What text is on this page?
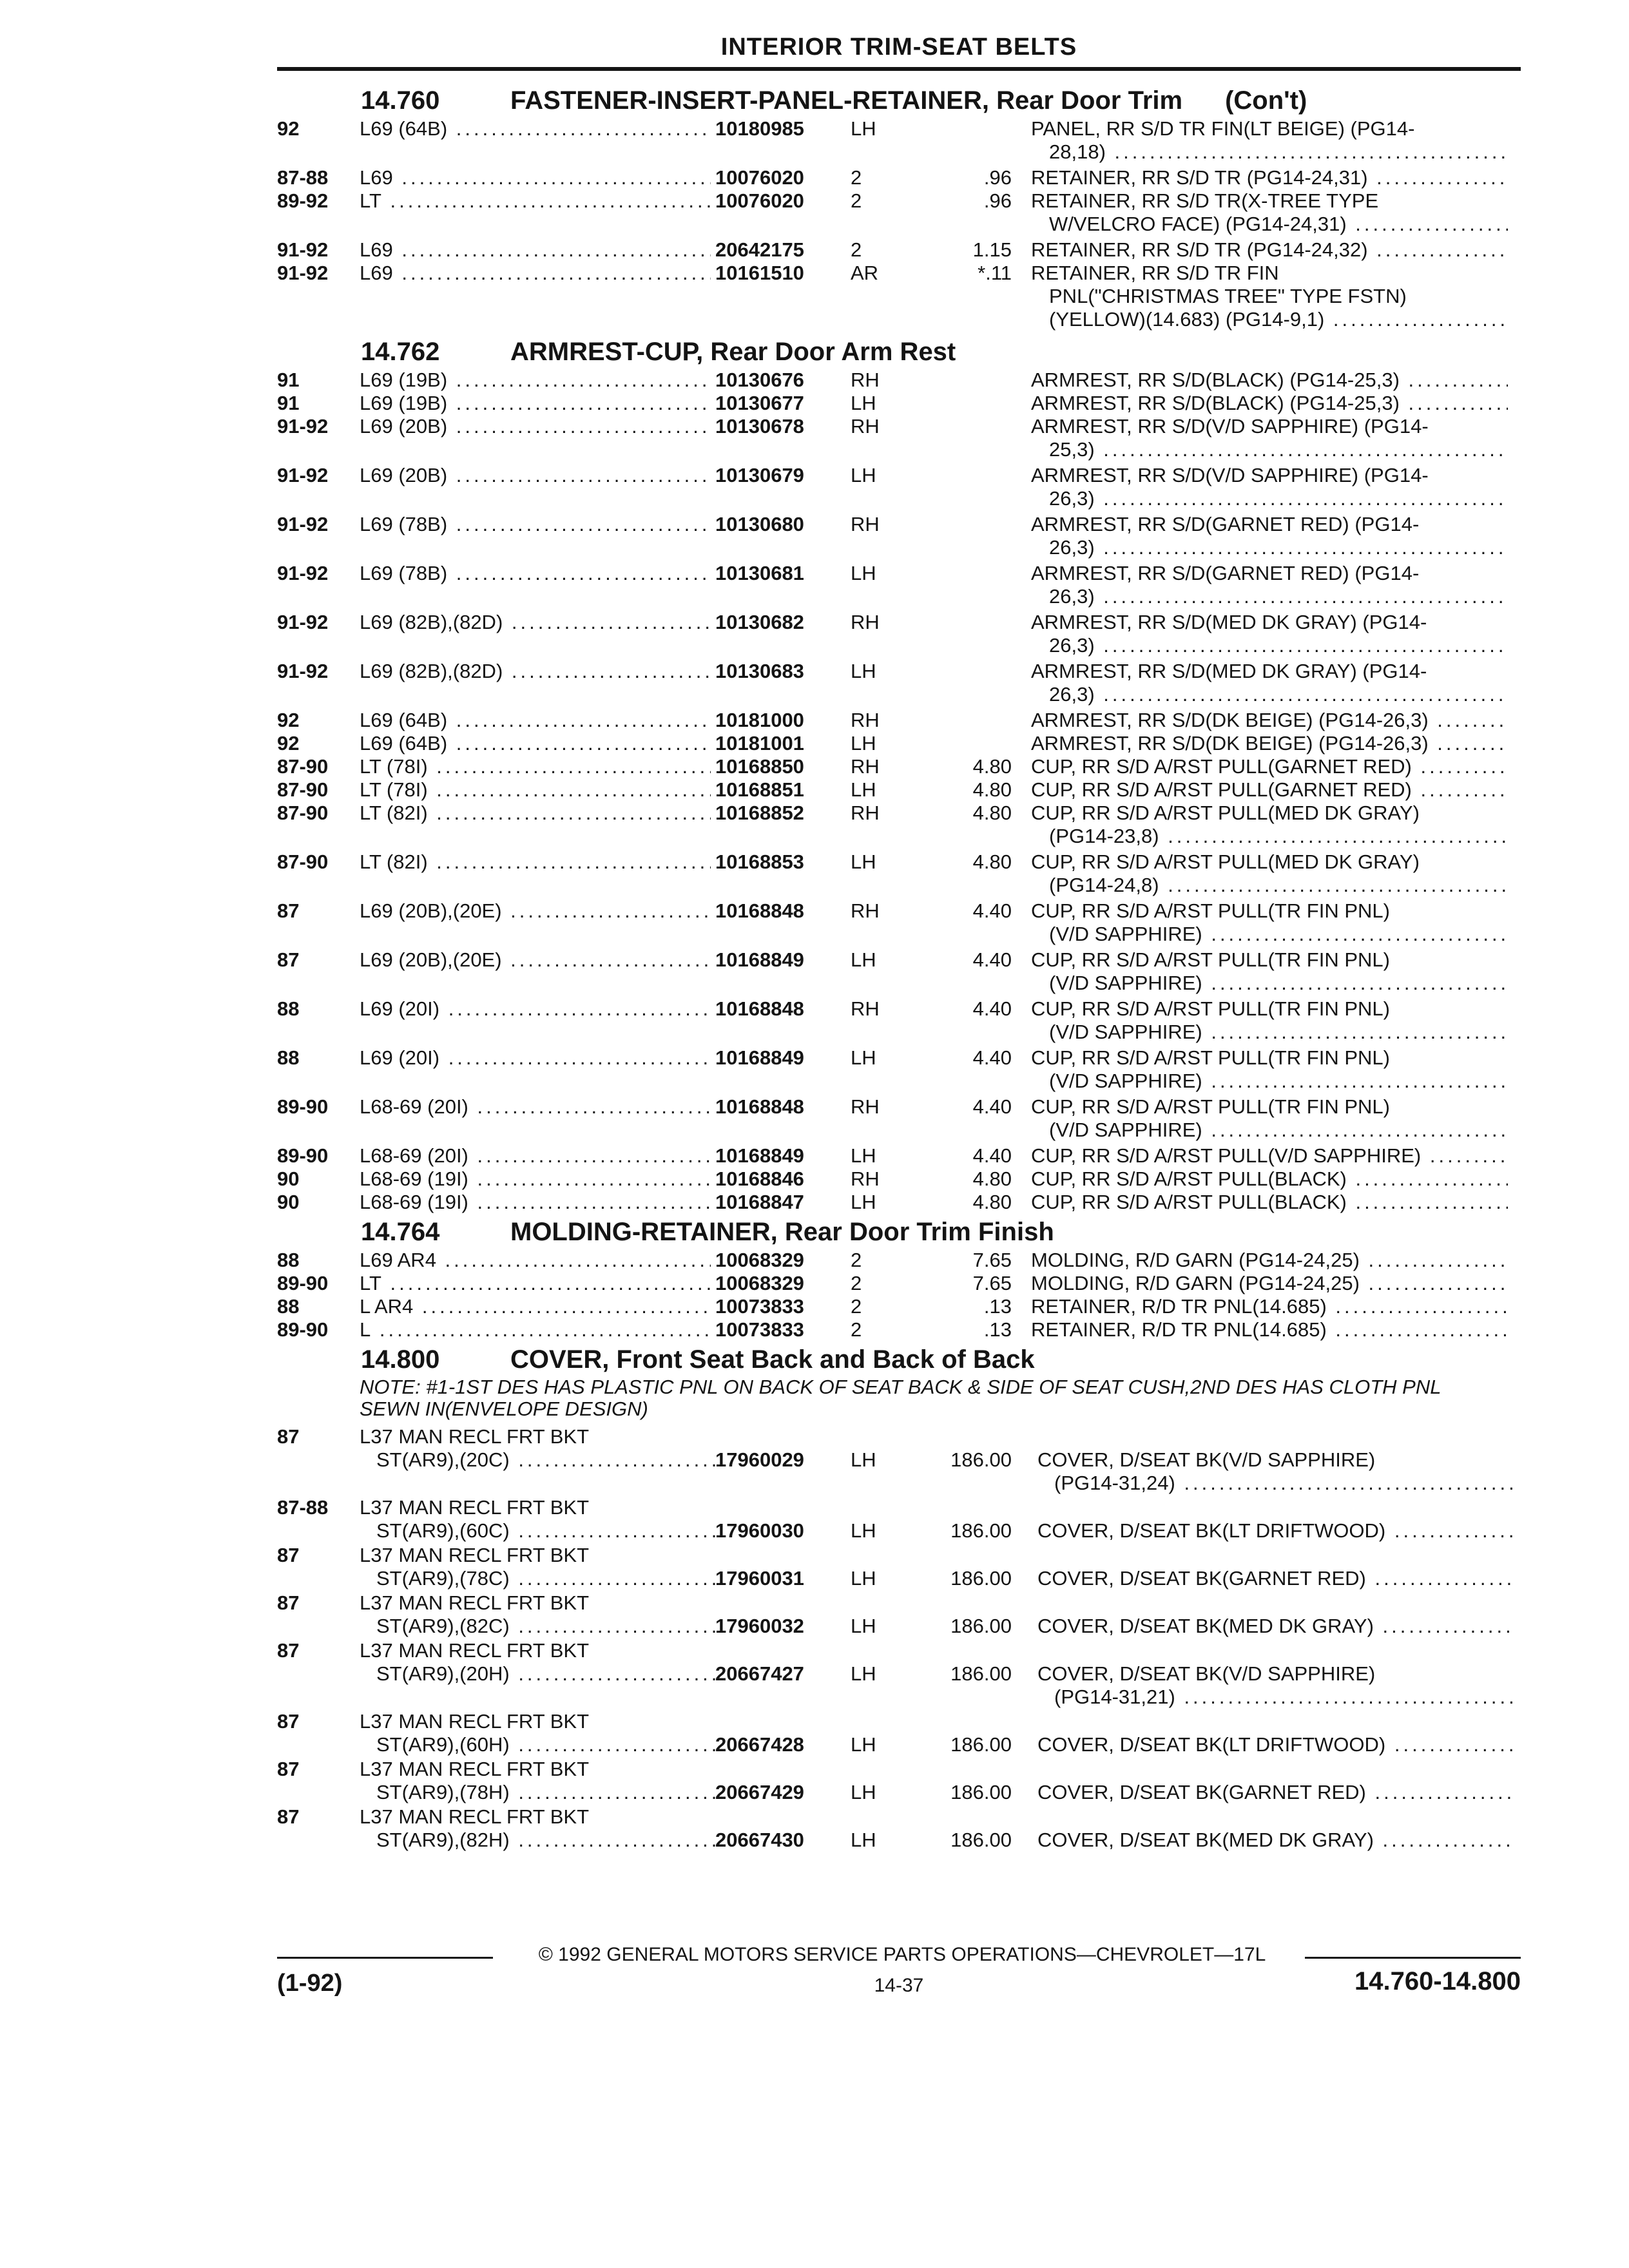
INTERIOR TRIM-SEAT BELTS
14.760	FASTENER-INSERT-PANEL-RETAINER, Rear Door Trim (Con't)
92	L69 (64B) .....	10180985 LH	PANEL, RR S/D TR FIN(LT BEIGE) (PG14-
28,18) .....
87-88 L69 .....	10076020 2	.96 RETAINER, RR S/D TR (PG14-24,31) .....
89-92 LT .....	10076020 2	.96 RETAINER, RR S/D TR(X-TREE TYPE
W/VELCRO FACE) (PG14-24,31) .....
91-92 L69 .....	20642175 2	1.15 RETAINER, RR S/D TR (PG14-24,32) .....
91-92 L69 .....	10161510 AR	*.11 RETAINER, RR S/D TR FIN
PNL("CHRISTMAS TREE" TYPE FSTN)
(YELLOW)(14.683) (PG14-9,1) .....
14.762	ARMREST-CUP, Rear Door Arm Rest
91	L69 (19B) .....	10130676 RH	ARMREST, RR S/D(BLACK) (PG14-25,3) .....
91	L69 (19B) .....	10130677 LH	ARMREST, RR S/D(BLACK) (PG14-25,3) .....
91-92 L69 (20B) .....	10130678 RH	ARMREST, RR S/D(V/D SAPPHIRE) (PG14-
25,3) .....
91-92 L69 (20B) .....	10130679 LH	ARMREST, RR S/D(V/D SAPPHIRE) (PG14-
26,3) .....
91-92 L69 (78B) .....	10130680 RH	ARMREST, RR S/D(GARNET RED) (PG14-
26,3) .....
91-92 L69 (78B) .....	10130681 LH	ARMREST, RR S/D(GARNET RED) (PG14-
26,3) .....
91-92 L69 (82B),(82D) .....	10130682 RH	ARMREST, RR S/D(MED DK GRAY) (PG14-
26,3) .....
91-92 L69 (82B),(82D) .....	10130683 LH	ARMREST, RR S/D(MED DK GRAY) (PG14-
26,3) .....
92	L69 (64B) .....	10181000 RH	ARMREST, RR S/D(DK BEIGE) (PG14-26,3) .....
92	L69 (64B) .....	10181001 LH	ARMREST, RR S/D(DK BEIGE) (PG14-26,3) .....
87-90 LT (78I) .....	10168850 RH	4.80 CUP, RR S/D A/RST PULL(GARNET RED) .....
87-90 LT (78I) .....	10168851 LH	4.80 CUP, RR S/D A/RST PULL(GARNET RED) .....
87-90 LT (82I) .....	10168852 RH	4.80 CUP, RR S/D A/RST PULL(MED DK GRAY)
(PG14-23,8) .....
87-90 LT (82I) .....	10168853 LH	4.80 CUP, RR S/D A/RST PULL(MED DK GRAY)
(PG14-24,8) .....
87	L69 (20B),(20E) .....	10168848 RH	4.40 CUP, RR S/D A/RST PULL(TR FIN PNL)
(V/D SAPPHIRE) .....
87	L69 (20B),(20E) .....	10168849 LH	4.40 CUP, RR S/D A/RST PULL(TR FIN PNL)
(V/D SAPPHIRE) .....
88	L69 (20I) .....	10168848 RH	4.40 CUP, RR S/D A/RST PULL(TR FIN PNL)
(V/D SAPPHIRE) .....
88	L69 (20I) .....	10168849 LH	4.40 CUP, RR S/D A/RST PULL(TR FIN PNL)
(V/D SAPPHIRE) .....
89-90 L68-69 (20I) .....	10168848 RH	4.40 CUP, RR S/D A/RST PULL(TR FIN PNL)
(V/D SAPPHIRE) .....
89-90 L68-69 (20I) .....	10168849 LH	4.40 CUP, RR S/D A/RST PULL(V/D SAPPHIRE) .....
90	L68-69 (19I) .....	10168846 RH	4.80 CUP, RR S/D A/RST PULL(BLACK) .....
90	L68-69 (19I) .....	10168847 LH	4.80 CUP, RR S/D A/RST PULL(BLACK) .....
14.764	MOLDING-RETAINER, Rear Door Trim Finish
88	L69 AR4 .....	10068329 2	7.65 MOLDING, R/D GARN (PG14-24,25) .....
89-90 LT .....	10068329 2	7.65 MOLDING, R/D GARN (PG14-24,25) .....
88	L AR4 .....	10073833 2	.13 RETAINER, R/D TR PNL(14.685) .....
89-90 L .....	10073833 2	.13 RETAINER, R/D TR PNL(14.685) .....
14.800	COVER, Front Seat Back and Back of Back
NOTE: #1-1ST DES HAS PLASTIC PNL ON BACK OF SEAT BACK & SIDE OF SEAT CUSH,2ND DES HAS CLOTH PNL SEWN IN(ENVELOPE DESIGN)
87	L37 MAN RECL FRT BKT
ST(AR9),(20C) .....	17960029 LH	186.00 COVER, D/SEAT BK(V/D SAPPHIRE)
(PG14-31,24) .....
87-88 L37 MAN RECL FRT BKT
ST(AR9),(60C) .....	17960030 LH	186.00 COVER, D/SEAT BK(LT DRIFTWOOD) .....
87	L37 MAN RECL FRT BKT
ST(AR9),(78C) .....	17960031 LH	186.00 COVER, D/SEAT BK(GARNET RED) .....
87	L37 MAN RECL FRT BKT
ST(AR9),(82C) .....	17960032 LH	186.00 COVER, D/SEAT BK(MED DK GRAY) .....
87	L37 MAN RECL FRT BKT
ST(AR9),(20H) .....	20667427 LH	186.00 COVER, D/SEAT BK(V/D SAPPHIRE)
(PG14-31,21) .....
87	L37 MAN RECL FRT BKT
ST(AR9),(60H) .....	20667428 LH	186.00 COVER, D/SEAT BK(LT DRIFTWOOD) .....
87	L37 MAN RECL FRT BKT
ST(AR9),(78H) .....	20667429 LH	186.00 COVER, D/SEAT BK(GARNET RED) .....
87	L37 MAN RECL FRT BKT
ST(AR9),(82H) .....	20667430 LH	186.00 COVER, D/SEAT BK(MED DK GRAY) .....
© 1992 GENERAL MOTORS SERVICE PARTS OPERATIONS—CHEVROLET—17L
(1-92)	14-37	14.760-14.800
